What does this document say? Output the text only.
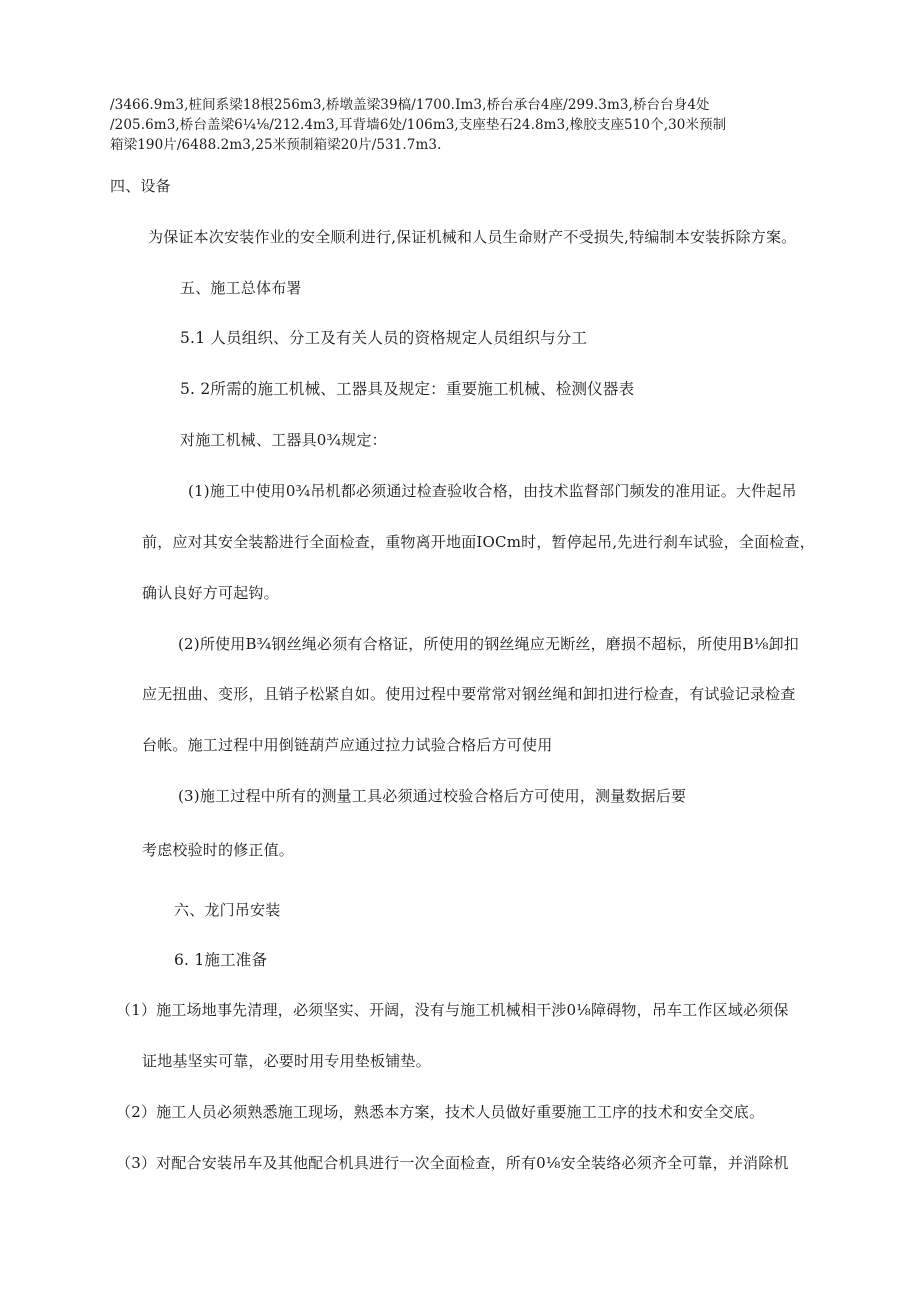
/3466.9m3,桩间系梁18根256m3,桥墩盖梁39槁/1700.Im3,桥台承台4座/299.3m3,桥台台身4处
/205.6m3,桥台盖梁6¼⅛/212.4m3,耳背墙6处/106m3,支座垫石24.8m3,橡胶支座510个,30米预制
箱梁190片/6488.2m3,25米预制箱梁20片/531.7m3.
四、设备
为保证本次安装作业的安全顺利进行,保证机械和人员生命财产不受损失,特编制本安装拆除方案。
五、施工总体布署
5.1 人员组织、分工及有关人员的资格规定人员组织与分工
5. 2所需的施工机械、工器具及规定：重要施工机械、检测仪器表
对施工机械、工器具0¾规定：
(1)施工中使用0¾吊机都必须通过检查验收合格，由技术监督部门频发的准用证。大件起吊
前，应对其安全装豁进行全面检查，重物离开地面IOCm时，暂停起吊,先进行刹车试验，全面检查，
确认良好方可起钩。
(2)所使用B¾钢丝绳必须有合格证，所使用的钢丝绳应无断丝，磨损不超标，所使用B⅛卸扣
应无扭曲、变形，且销子松紧自如。使用过程中要常常对钢丝绳和卸扣进行检查，有试验记录检查
台帐。施工过程中用倒链葫芦应通过拉力试验合格后方可使用
(3)施工过程中所有的测量工具必须通过校验合格后方可使用，测量数据后要
考虑校验时的修正值。
六、龙门吊安装
6. 1施工准备
（1）施工场地事先清理，必须坚实、开阔，没有与施工机械相干涉0⅛障碍物，吊车工作区域必须保
证地基坚实可靠，必要时用专用垫板铺垫。
（2）施工人员必须熟悉施工现场，熟悉本方案，技术人员做好重要施工工序的技术和安全交底。
（3）对配合安装吊车及其他配合机具进行一次全面检查，所有0⅛安全装络必须齐全可靠，并消除机
